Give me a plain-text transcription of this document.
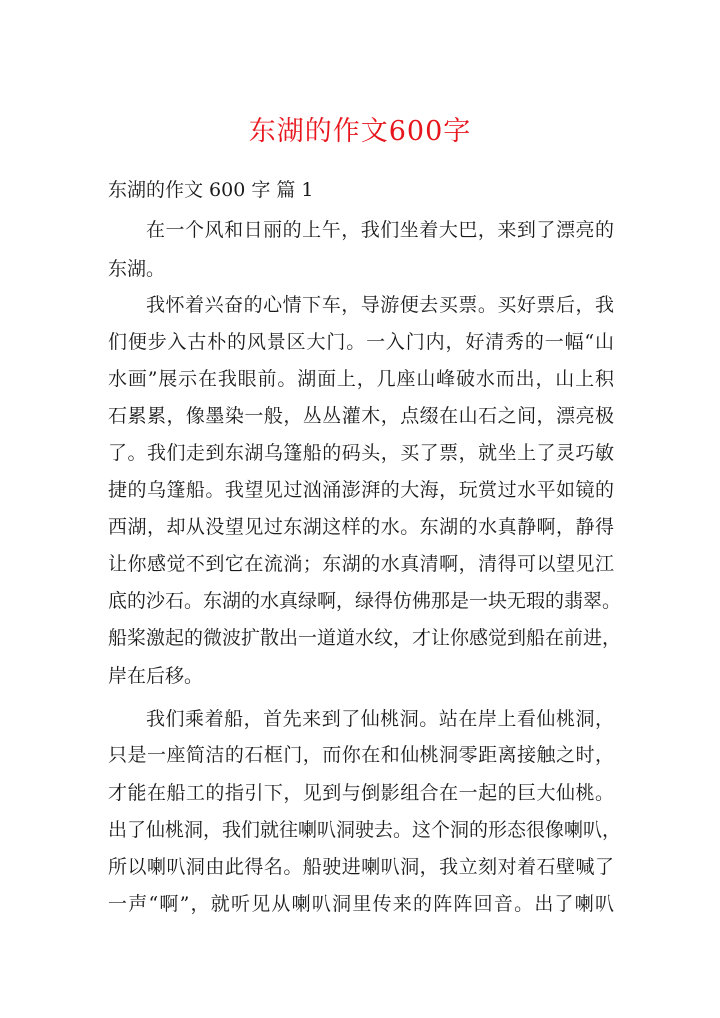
东湖的作文600字
东湖的作文 600 字 篇 1
在一个风和日丽的上午，我们坐着大巴，来到了漂亮的
东湖。
我怀着兴奋的心情下车，导游便去买票。买好票后，我
们便步入古朴的风景区大门。一入门内，好清秀的一幅“山
水画”展示在我眼前。湖面上，几座山峰破水而出，山上积
石累累，像墨染一般，丛丛灌木，点缀在山石之间，漂亮极
了。我们走到东湖乌篷船的码头，买了票，就坐上了灵巧敏
捷的乌篷船。我望见过汹涌澎湃的大海，玩赏过水平如镜的
西湖，却从没望见过东湖这样的水。东湖的水真静啊，静得
让你感觉不到它在流淌；东湖的水真清啊，清得可以望见江
底的沙石。东湖的水真绿啊，绿得仿佛那是一块无瑕的翡翠。
船桨激起的微波扩散出一道道水纹，才让你感觉到船在前进，
岸在后移。
我们乘着船，首先来到了仙桃洞。站在岸上看仙桃洞，
只是一座简洁的石框门，而你在和仙桃洞零距离接触之时，
才能在船工的指引下，见到与倒影组合在一起的巨大仙桃。
出了仙桃洞，我们就往喇叭洞驶去。这个洞的形态很像喇叭，
所以喇叭洞由此得名。船驶进喇叭洞，我立刻对着石壁喊了
一声“啊”，就听见从喇叭洞里传来的阵阵回音。出了喇叭
